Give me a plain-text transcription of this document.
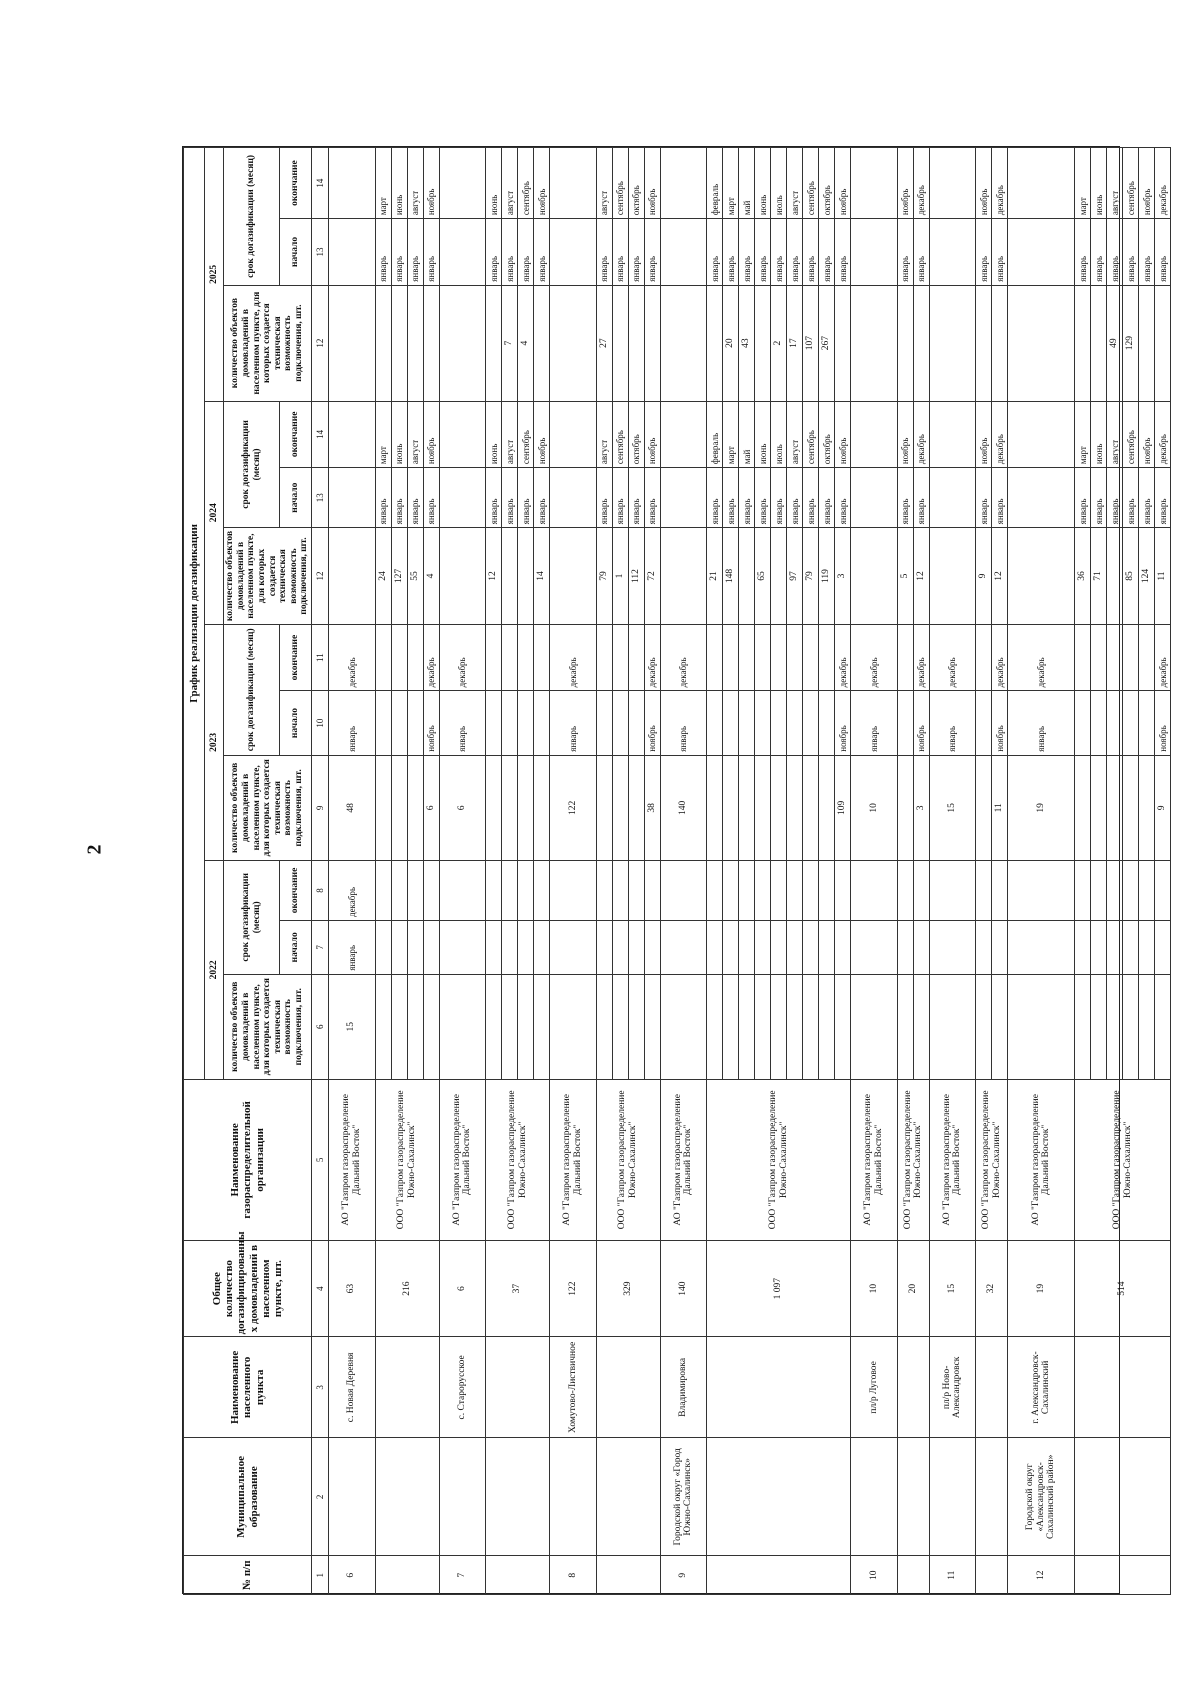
2
№ п/п	Муниципальное образование	Наименование населенного пункта	Общее количество догазифицированны х домовладений в населенном пункте, шт.	Наименование газораспределительной организации	График реализации догазификации											
					2022			2023			2024			2025		
					количество объектов домовладений в населенном пункте, для которых создается техническая возможность подключения, шт.	срок догазификации (месяц)		количество объектов домовладений в населенном пункте, для которых создается техническая возможность подключения, шт.	срок догазификации (месяц)		количество объектов домовладений в населенном пункте, для которых создается техническая возможность подключения, шт.	срок догазификации (месяц)		количество объектов домовладений в населенном пункте, для которых создается техническая возможность подключения, шт.	срок догазификации (месяц)	
						начало	окончание		начало	окончание		начало	окончание		начало	окончание
1	2	3	4	5	6	7	8	9	10	11	12	13	14	12	13	14
6		с. Новая Деревня	63	АО "Газпром газораспределение Дальний Восток"	15	январь	декабрь	48	январь	декабрь						
			216	ООО "Газпром газораспределение Южно-Сахалинск"							24	январь	март		январь	март
											127	январь	июнь		январь	июнь
											55	январь	август		январь	август
								6	ноябрь	декабрь	4	январь	ноябрь		январь	ноябрь
7		с. Старорусское	6	АО "Газпром газораспределение Дальний Восток"				6	январь	декабрь						
			37	ООО "Газпром газораспределение Южно-Сахалинск"							12	январь	июнь		январь	июнь
												январь	август	7	январь	август
												январь	сентябрь	4	январь	сентябрь
											14	январь	ноябрь		январь	ноябрь
8		Хомутово-Листвичное	122	АО "Газпром газораспределение Дальний Восток"				122	январь	декабрь						
			329	ООО "Газпром газораспределение Южно-Сахалинск"							79	январь	август	27	январь	август
											1	январь	сентябрь		январь	сентябрь
											112	январь	октябрь		январь	октябрь
								38	ноябрь	декабрь	72	январь	ноябрь		январь	ноябрь
9	Городской округ «Город Южно-Сахалинск»	Владимировка	140	АО "Газпром газораспределение Дальний Восток"				140	январь	декабрь						
			1 097	ООО "Газпром газораспределение Южно-Сахалинск"							21	январь	февраль		январь	февраль
											148	январь	март	20	январь	март
												январь	май	43	январь	май
											65	январь	июнь		январь	июнь
												январь	июль	2	январь	июль
											97	январь	август	17	январь	август
											79	январь	сентябрь	107	январь	сентябрь
											119	январь	октябрь	267	январь	октябрь
								109	ноябрь	декабрь	3	январь	ноябрь		январь	ноябрь
10		пл/р Луговое	10	АО "Газпром газораспределение Дальний Восток"				10	январь	декабрь						
			20	ООО "Газпром газораспределение Южно-Сахалинск"							5	январь	ноябрь		январь	ноябрь
								3	ноябрь	декабрь	12	январь	декабрь		январь	декабрь
11		пл/р Ново-Александровск	15	АО "Газпром газораспределение Дальний Восток"				15	январь	декабрь						
			32	ООО "Газпром газораспределение Южно-Сахалинск"							9	январь	ноябрь		январь	ноябрь
								11	ноябрь	декабрь	12	январь	декабрь		январь	декабрь
12	Городской округ «Александровск-Сахалинский район»	г. Александровск-Сахалинский	19	АО "Газпром газораспределение Дальний Восток"				19	январь	декабрь						
			514	ООО "Газпром газораспределение Южно-Сахалинск"							36	январь	март		январь	март
											71	январь	июнь		январь	июнь
												январь	август	49	январь	август
											85	январь	сентябрь	129	январь	сентябрь
											124	январь	ноябрь		январь	ноябрь
								9	ноябрь	декабрь	11	январь	декабрь		январь	декабрь
